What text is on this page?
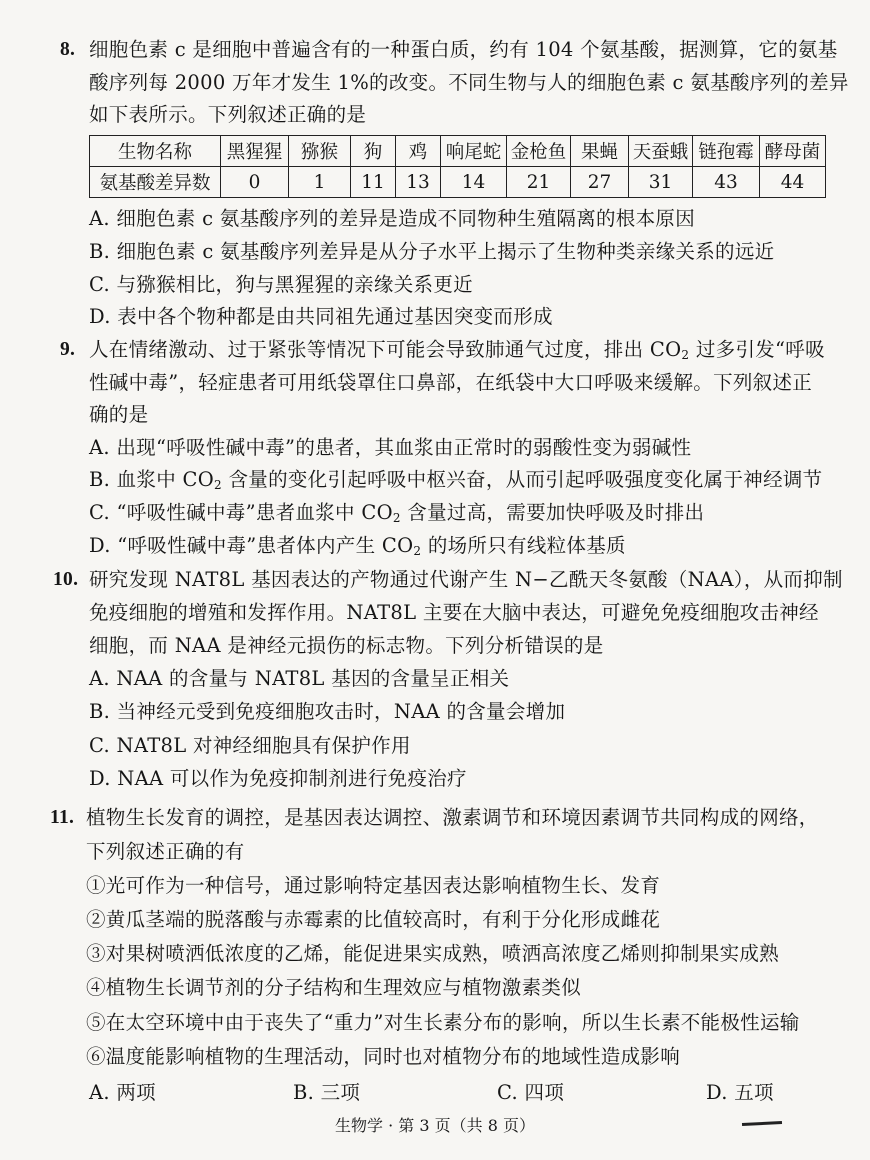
8. 细胞色素 c 是细胞中普遍含有的一种蛋白质，约有 104 个氨基酸，据测算，它的氨基
酸序列每 2000 万年才发生 1%的改变。不同生物与人的细胞色素 c 氨基酸序列的差异
如下表所示。下列叙述正确的是
生物名称	黑猩猩	猕猴	狗	鸡	响尾蛇	金枪鱼	果蝇	天蚕蛾	链孢霉	酵母菌
氨基酸差异数	0	1	11	13	14	21	27	31	43	44
A. 细胞色素 c 氨基酸序列的差异是造成不同物种生殖隔离的根本原因
B. 细胞色素 c 氨基酸序列差异是从分子水平上揭示了生物种类亲缘关系的远近
C. 与猕猴相比，狗与黑猩猩的亲缘关系更近
D. 表中各个物种都是由共同祖先通过基因突变而形成
9. 人在情绪激动、过于紧张等情况下可能会导致肺通气过度，排出 $CO_2$ 过多引发“呼吸
性碱中毒”，轻症患者可用纸袋罩住口鼻部，在纸袋中大口呼吸来缓解。下列叙述正
确的是
A. 出现“呼吸性碱中毒”的患者，其血浆由正常时的弱酸性变为弱碱性
B. 血浆中 $CO_2$ 含量的变化引起呼吸中枢兴奋，从而引起呼吸强度变化属于神经调节
C. “呼吸性碱中毒”患者血浆中 $CO_2$ 含量过高，需要加快呼吸及时排出
D. “呼吸性碱中毒”患者体内产生 $CO_2$ 的场所只有线粒体基质
10. 研究发现 NAT8L 基因表达的产物通过代谢产生 N−乙酰天冬氨酸（NAA），从而抑制
免疫细胞的增殖和发挥作用。NAT8L 主要在大脑中表达，可避免免疫细胞攻击神经
细胞，而 NAA 是神经元损伤的标志物。下列分析错误的是
A. NAA 的含量与 NAT8L 基因的含量呈正相关
B. 当神经元受到免疫细胞攻击时，NAA 的含量会增加
C. NAT8L 对神经细胞具有保护作用
D. NAA 可以作为免疫抑制剂进行免疫治疗
11. 植物生长发育的调控，是基因表达调控、激素调节和环境因素调节共同构成的网络，
下列叙述正确的有
①光可作为一种信号，通过影响特定基因表达影响植物生长、发育
②黄瓜茎端的脱落酸与赤霉素的比值较高时，有利于分化形成雌花
③对果树喷洒低浓度的乙烯，能促进果实成熟，喷洒高浓度乙烯则抑制果实成熟
④植物生长调节剂的分子结构和生理效应与植物激素类似
⑤在太空环境中由于丧失了“重力”对生长素分布的影响，所以生长素不能极性运输
⑥温度能影响植物的生理活动，同时也对植物分布的地域性造成影响
A. 两项	B. 三项	C. 四项	D. 五项
生物学 · 第 3 页（共 8 页）
